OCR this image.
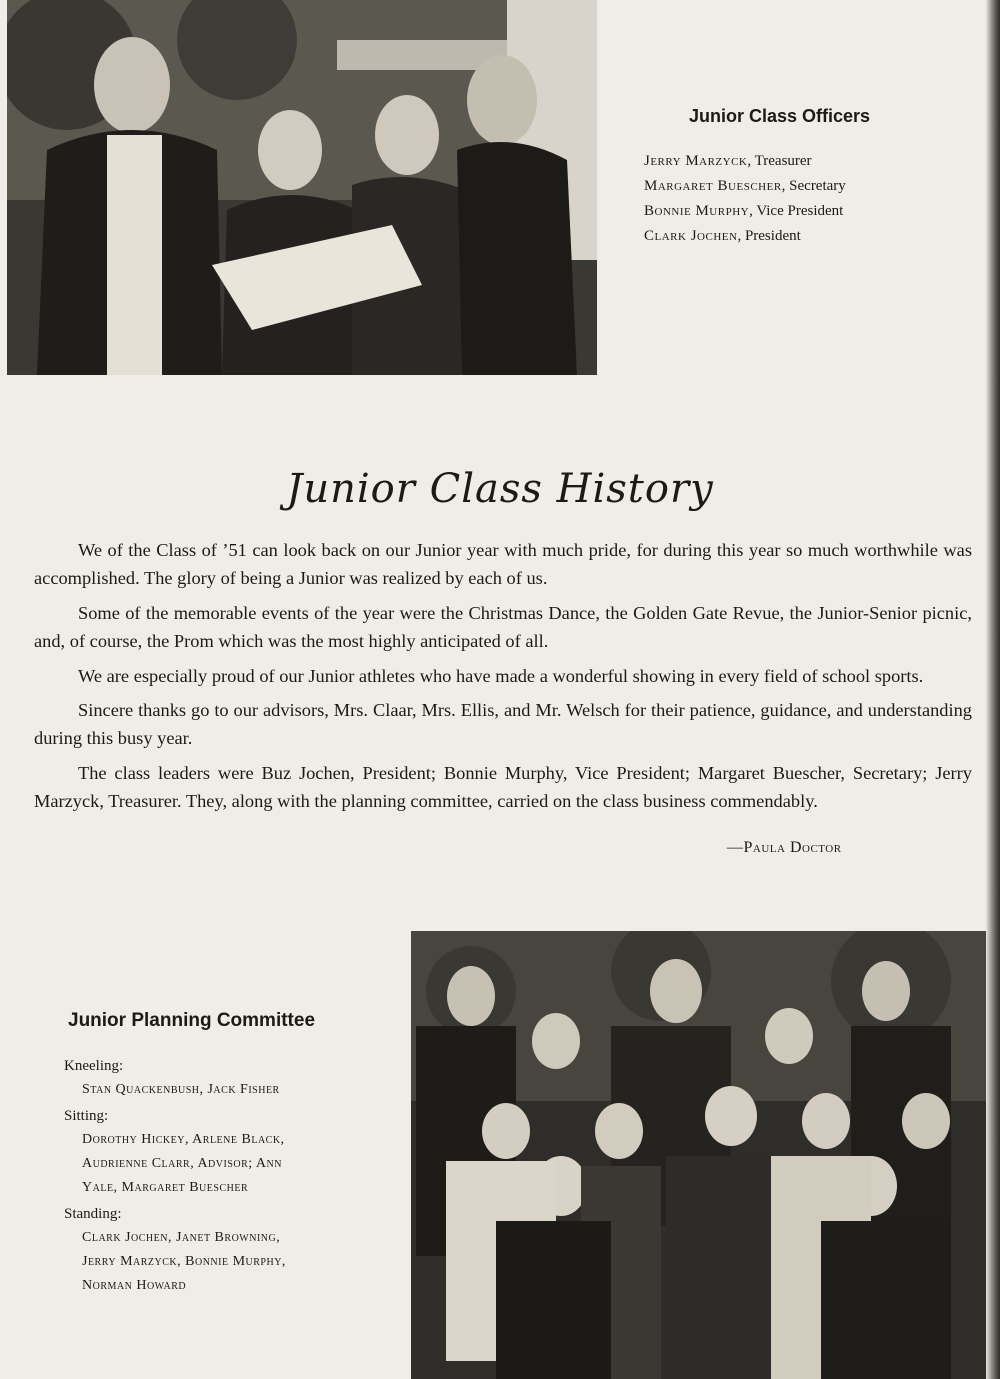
Junior Class Officers
Jerry Marzyck, Treasurer
Margaret Buescher, Secretary
Bonnie Murphy, Vice President
Clark Jochen, President
Junior Class History

We of the Class of ’51 can look back on our Junior year with much pride, for during this year so much worthwhile was accomplished. The glory of being a Junior was realized by each of us.

Some of the memorable events of the year were the Christmas Dance, the Golden Gate Revue, the Junior-Senior picnic, and, of course, the Prom which was the most highly anticipated of all.

We are especially proud of our Junior athletes who have made a wonderful showing in every field of school sports.

Sincere thanks go to our advisors, Mrs. Claar, Mrs. Ellis, and Mr. Welsch for their patience, guidance, and understanding during this busy year.

The class leaders were Buz Jochen, President; Bonnie Murphy, Vice President; Margaret Buescher, Secretary; Jerry Marzyck, Treasurer. They, along with the planning committee, carried on the class business commendably.

—Paula Doctor
Junior Planning Committee
Kneeling:
Stan Quackenbush, Jack Fisher
Sitting:
Dorothy Hickey, Arlene Black,
Audrienne Clarr, Advisor; Ann
Yale, Margaret Buescher
Standing:
Clark Jochen, Janet Browning,
Jerry Marzyck, Bonnie Murphy,
Norman Howard
